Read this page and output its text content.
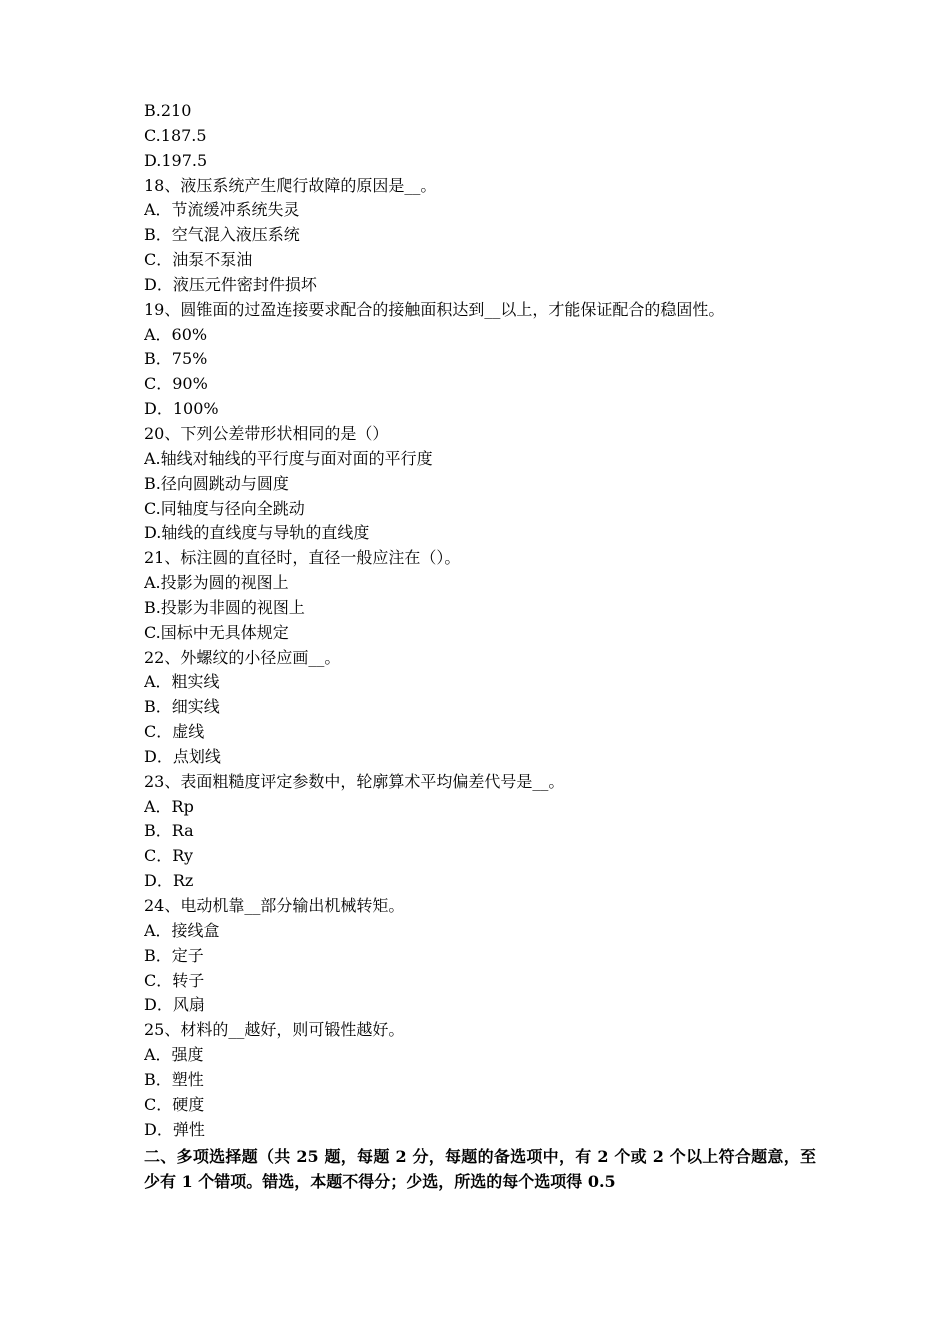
B.210
C.187.5
D.197.5
18、液压系统产生爬行故障的原因是__。
A．节流缓冲系统失灵
B．空气混入液压系统
C．油泵不泵油
D．液压元件密封件损坏
19、圆锥面的过盈连接要求配合的接触面积达到__以上，才能保证配合的稳固性。
A．60%
B．75%
C．90%
D．100%
20、下列公差带形状相同的是（）
A.轴线对轴线的平行度与面对面的平行度
B.径向圆跳动与圆度
C.同轴度与径向全跳动
D.轴线的直线度与导轨的直线度
21、标注圆的直径时，直径一般应注在（）。
A.投影为圆的视图上
B.投影为非圆的视图上
C.国标中无具体规定
22、外螺纹的小径应画__。
A．粗实线
B．细实线
C．虚线
D．点划线
23、表面粗糙度评定参数中，轮廓算术平均偏差代号是__。
A．Rp
B．Ra
C．Ry
D．Rz
24、电动机靠__部分输出机械转矩。
A．接线盒
B．定子
C．转子
D．风扇
25、材料的__越好，则可锻性越好。
A．强度
B．塑性
C．硬度
D．弹性
二、多项选择题（共 25 题，每题 2 分，每题的备选项中，有 2 个或 2 个以上符合题意，至少有 1 个错项。错选，本题不得分；少选，所选的每个选项得 0.5
